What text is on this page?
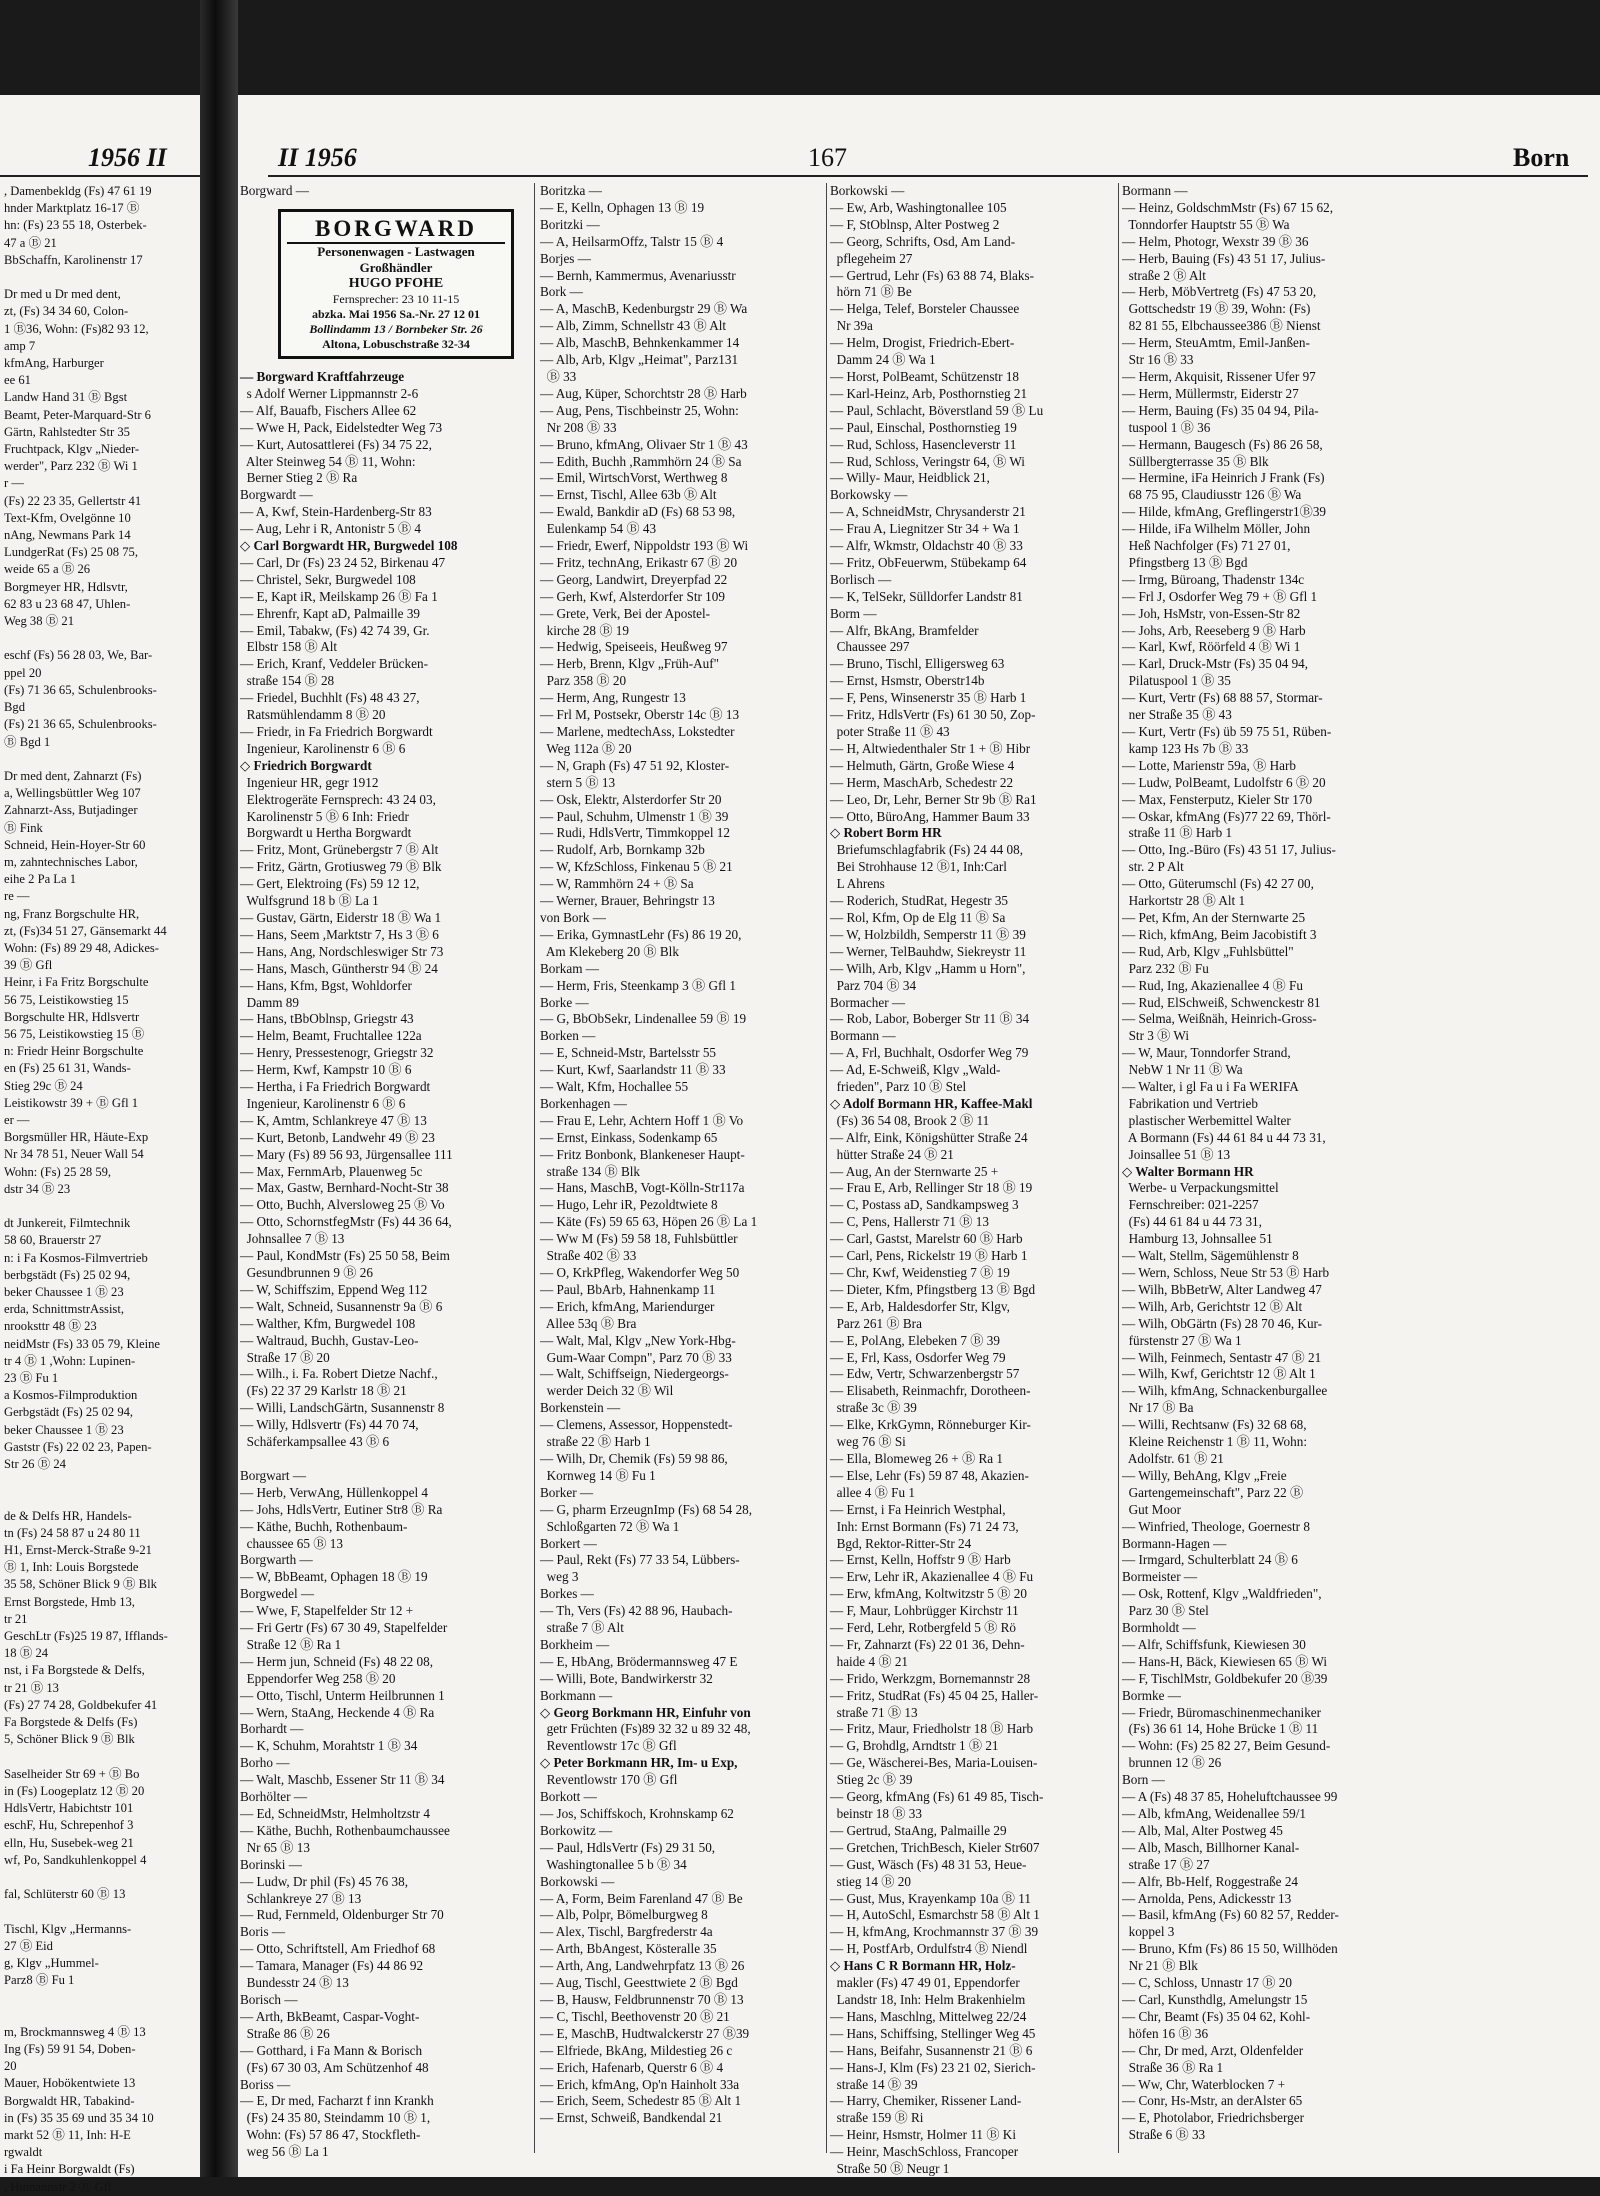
1956 II
, Damenbekldg (Fs) 47 61 19
hnder Marktplatz 16-17 Ⓑ
hn: (Fs) 23 55 18, Osterbek-
47 a Ⓑ 21
BbSchaffn, Karolinenstr 17

Dr med u Dr med dent,
zt, (Fs) 34 34 60, Colon-
1 Ⓑ36, Wohn: (Fs)82 93 12,
amp 7
kfmAng, Harburger
ee 61
Landw Hand 31 Ⓑ Bgst
Beamt, Peter-Marquard-Str 6
Gärtn, Rahlstedter Str 35
Fruchtpack, Klgv „Nieder-
werder", Parz 232 Ⓑ Wi 1
r —
(Fs) 22 23 35, Gellertstr 41
Text-Kfm, Ovelgönne 10
nAng, Newmans Park 14
LundgerRat (Fs) 25 08 75,
weide 65 a Ⓑ 26
Borgmeyer HR, Hdlsvtr,
62 83 u 23 68 47, Uhlen-
Weg 38 Ⓑ 21

eschf (Fs) 56 28 03, We, Bar-
ppel 20
(Fs) 71 36 65, Schulenbrooks-
Bgd
(Fs) 21 36 65, Schulenbrooks-
Ⓑ Bgd 1

Dr med dent, Zahnarzt (Fs)
a, Wellingsbüttler Weg 107
Zahnarzt-Ass, Butjadinger
Ⓑ Fink
Schneid, Hein-Hoyer-Str 60
m, zahntechnisches Labor,
eihe 2 Pa La 1
re —
ng, Franz Borgschulte HR,
zt, (Fs)34 51 27, Gänsemarkt 44
Wohn: (Fs) 89 29 48, Adickes-
39 Ⓑ Gfl
Heinr, i Fa Fritz Borgschulte
56 75, Leistikowstieg 15
Borgschulte HR, Hdlsvertr
56 75, Leistikowstieg 15 Ⓑ
n: Friedr Heinr Borgschulte
en (Fs) 25 61 31, Wands-
Stieg 29c Ⓑ 24
Leistikowstr 39 + Ⓑ Gfl 1
er —
Borgsmüller HR, Häute-Exp
Nr 34 78 51, Neuer Wall 54
Wohn: (Fs) 25 28 59,
dstr 34 Ⓑ 23

dt Junkereit, Filmtechnik
58 60, Brauerstr 27
n: i Fa Kosmos-Filmvertrieb
berbgstädt (Fs) 25 02 94,
beker Chaussee 1 Ⓑ 23
erda, SchnittmstrAssist,
nrooksttr 48 Ⓑ 23
neidMstr (Fs) 33 05 79, Kleine
tr 4 Ⓑ 1 ,Wohn: Lupinen-
23 Ⓑ Fu 1
a Kosmos-Filmproduktion
Gerbgstädt (Fs) 25 02 94,
beker Chaussee 1 Ⓑ 23
Gaststr (Fs) 22 02 23, Papen-
Str 26 Ⓑ 24

de & Delfs HR, Handels-
tn (Fs) 24 58 87 u 24 80 11
H1, Ernst-Merck-Straße 9-21
Ⓑ 1, Inh: Louis Borgstede
35 58, Schöner Blick 9 Ⓑ Blk
Ernst Borgstede, Hmb 13,
tr 21
GeschLtr (Fs)25 19 87, Ifflands-
18 Ⓑ 24
nst, i Fa Borgstede & Delfs,
tr 21 Ⓑ 13
(Fs) 27 74 28, Goldbekufer 41
Fa Borgstede & Delfs (Fs)
5, Schöner Blick 9 Ⓑ Blk

Saselheider Str 69 + Ⓑ Bo
in (Fs) Loogeplatz 12 Ⓑ 20
HdlsVertr, Habichtstr 101
eschF, Hu, Schrepenhof 3
elln, Hu, Susebek-weg 21
wf, Po, Sandkuhlenkoppel 4

fal, Schlüterstr 60 Ⓑ 13

Tischl, Klgv „Hermanns-
27 Ⓑ Eid
g, Klgv „Hummel-
Parz8 Ⓑ Fu 1

m, Brockmannsweg 4 Ⓑ 13
Ing (Fs) 59 91 54, Doben-
20
Mauer, Hobökentwiete 13
Borgwaldt HR, Tabakind-
in (Fs) 35 35 69 und 35 34 10
markt 52 Ⓑ 11, Inh: H-E
rgwaldt
i Fa Heinr Borgwaldt (Fs)
, Humannstr 2 Ⓑ Gfl
II 1956	167	Born
Borgward —

— Borgward Kraftfahrzeuge
s Adolf Werner Lippmannstr 2-6
— Alf, Bauafb, Fischers Allee 62
— Wwe H, Pack, Eidelstedter Weg 73
— Kurt, Autosattlerei (Fs) 34 75 22,
Alter Steinweg 54 Ⓑ 11, Wohn:
Berner Stieg 2 Ⓑ Ra
Borgwardt —
— A, Kwf, Stein-Hardenberg-Str 83
— Aug, Lehr i R, Antonistr 5 Ⓑ 4
◇ Carl Borgwardt HR, Burgwedel 108
— Carl, Dr (Fs) 23 24 52, Birkenau 47
— Christel, Sekr, Burgwedel 108
— E, Kapt iR, Meilskamp 26 Ⓑ Fa 1
— Ehrenfr, Kapt aD, Palmaille 39
— Emil, Tabakw, (Fs) 42 74 39, Gr.
Elbstr 158 Ⓑ Alt
— Erich, Kranf, Veddeler Brücken-
straße 154 Ⓑ 28
— Friedel, Buchhlt (Fs) 48 43 27,
Ratsmühlendamm 8 Ⓑ 20
— Friedr, in Fa Friedrich Borgwardt
Ingenieur, Karolinenstr 6 Ⓑ 6
◇ Friedrich Borgwardt
Ingenieur HR, gegr 1912
Elektrogeräte Fernsprech: 43 24 03,
Karolinenstr 5 Ⓑ 6 Inh: Friedr
Borgwardt u Hertha Borgwardt
— Fritz, Mont, Grünebergstr 7 Ⓑ Alt
— Fritz, Gärtn, Grotiusweg 79 Ⓑ Blk
— Gert, Elektroing (Fs) 59 12 12,
Wulfsgrund 18 b Ⓑ La 1
— Gustav, Gärtn, Eiderstr 18 Ⓑ Wa 1
— Hans, Seem ,Marktstr 7, Hs 3 Ⓑ 6
— Hans, Ang, Nordschleswiger Str 73
— Hans, Masch, Güntherstr 94 Ⓑ 24
— Hans, Kfm, Bgst, Wohldorfer
Damm 89
— Hans, tBbOblnsp, Griegstr 43
— Helm, Beamt, Fruchtallee 122a
— Henry, Pressestenogr, Griegstr 32
— Herm, Kwf, Kampstr 10 Ⓑ 6
— Hertha, i Fa Friedrich Borgwardt
Ingenieur, Karolinenstr 6 Ⓑ 6
— K, Amtm, Schlankreye 47 Ⓑ 13
— Kurt, Betonb, Landwehr 49 Ⓑ 23
— Mary (Fs) 89 56 93, Jürgensallee 111
— Max, FernmArb, Plauenweg 5c
— Max, Gastw, Bernhard-Nocht-Str 38
— Otto, Buchh, Alversloweg 25 Ⓑ Vo
— Otto, SchornstfegMstr (Fs) 44 36 64,
Johnsallee 7 Ⓑ 13
— Paul, KondMstr (Fs) 25 50 58, Beim
Gesundbrunnen 9 Ⓑ 26
— W, Schiffszim, Eppend Weg 112
— Walt, Schneid, Susannenstr 9a Ⓑ 6
— Walther, Kfm, Burgwedel 108
— Waltraud, Buchh, Gustav-Leo-
Straße 17 Ⓑ 20
— Wilh., i. Fa. Robert Dietze Nachf.,
(Fs) 22 37 29 Karlstr 18 Ⓑ 21
— Willi, LandschGärtn, Susannenstr 8
— Willy, Hdlsvertr (Fs) 44 70 74,
Schäferkampsallee 43 Ⓑ 6

Borgwart —
— Herb, VerwAng, Hüllenkoppel 4
— Johs, HdlsVertr, Eutiner Str8 Ⓑ Ra
— Käthe, Buchh, Rothenbaum-
chaussee 65 Ⓑ 13
Borgwarth —
— W, BbBeamt, Ophagen 18 Ⓑ 19
Borgwedel —
— Wwe, F, Stapelfelder Str 12 +
— Fri Gertr (Fs) 67 30 49, Stapelfelder
Straße 12 Ⓑ Ra 1
— Herm jun, Schneid (Fs) 48 22 08,
Eppendorfer Weg 258 Ⓑ 20
— Otto, Tischl, Unterm Heilbrunnen 1
— Wern, StaAng, Heckende 4 Ⓑ Ra
Borhardt —
— K, Schuhm, Morahtstr 1 Ⓑ 34
Borho —
— Walt, Maschb, Essener Str 11 Ⓑ 34
Borhölter —
— Ed, SchneidMstr, Helmholtzstr 4
— Käthe, Buchh, Rothenbaumchaussee
Nr 65 Ⓑ 13
Borinski —
— Ludw, Dr phil (Fs) 45 76 38,
Schlankreye 27 Ⓑ 13
— Rud, Fernmeld, Oldenburger Str 70
Boris —
— Otto, Schriftstell, Am Friedhof 68
— Tamara, Manager (Fs) 44 86 92
Bundesstr 24 Ⓑ 13
Borisch —
— Arth, BkBeamt, Caspar-Voght-
Straße 86 Ⓑ 26
— Gotthard, i Fa Mann & Borisch
(Fs) 67 30 03, Am Schützenhof 48
Boriss —
— E, Dr med, Facharzt f inn Krankh
(Fs) 24 35 80, Steindamm 10 Ⓑ 1,
Wohn: (Fs) 57 86 47, Stockfleth-
weg 56 Ⓑ La 1
Boritzka —
— E, Kelln, Ophagen 13 Ⓑ 19
Boritzki —
— A, HeilsarmOffz, Talstr 15 Ⓑ 4
Borjes —
— Bernh, Kammermus, Avenariusstr
Bork —
— A, MaschB, Kedenburgstr 29 Ⓑ Wa
— Alb, Zimm, Schnellstr 43 Ⓑ Alt
— Alb, MaschB, Behnkenkammer 14
— Alb, Arb, Klgv „Heimat", Parz131
Ⓑ 33
— Aug, Küper, Schorchtstr 28 Ⓑ Harb
— Aug, Pens, Tischbeinstr 25, Wohn:
Nr 208 Ⓑ 33
— Bruno, kfmAng, Olivaer Str 1 Ⓑ 43
— Edith, Buchh ,Rammhörn 24 Ⓑ Sa
— Emil, WirtschVorst, Werthweg 8
— Ernst, Tischl, Allee 63b Ⓑ Alt
— Ewald, Bankdir aD (Fs) 68 53 98,
Eulenkamp 54 Ⓑ 43
— Friedr, Ewerf, Nippoldstr 193 Ⓑ Wi
— Fritz, technAng, Erikastr 67 Ⓑ 20
— Georg, Landwirt, Dreyerpfad 22
— Gerh, Kwf, Alsterdorfer Str 109
— Grete, Verk, Bei der Apostel-
kirche 28 Ⓑ 19
— Hedwig, Speiseeis, Heußweg 97
— Herb, Brenn, Klgv „Früh-Auf"
Parz 358 Ⓑ 20
— Herm, Ang, Rungestr 13
— Frl M, Postsekr, Oberstr 14c Ⓑ 13
— Marlene, medtechAss, Lokstedter
Weg 112a Ⓑ 20
— N, Graph (Fs) 47 51 92, Kloster-
stern 5 Ⓑ 13
— Osk, Elektr, Alsterdorfer Str 20
— Paul, Schuhm, Ulmenstr 1 Ⓑ 39
— Rudi, HdlsVertr, Timmkoppel 12
— Rudolf, Arb, Bornkamp 32b
— W, KfzSchloss, Finkenau 5 Ⓑ 21
— W, Rammhörn 24 + Ⓑ Sa
— Werner, Brauer, Behringstr 13
von Bork —
— Erika, GymnastLehr (Fs) 86 19 20,
Am Klekeberg 20 Ⓑ Blk
Borkam —
— Herm, Fris, Steenkamp 3 Ⓑ Gfl 1
Borke —
— G, BbObSekr, Lindenallee 59 Ⓑ 19
Borken —
— E, Schneid-Mstr, Bartelsstr 55
— Kurt, Kwf, Saarlandstr 11 Ⓑ 33
— Walt, Kfm, Hochallee 55
Borkenhagen —
— Frau E, Lehr, Achtern Hoff 1 Ⓑ Vo
— Ernst, Einkass, Sodenkamp 65
— Fritz Bonbonk, Blankeneser Haupt-
straße 134 Ⓑ Blk
— Hans, MaschB, Vogt-Kölln-Str117a
— Hugo, Lehr iR, Pezoldtwiete 8
— Käte (Fs) 59 65 63, Höpen 26 Ⓑ La 1
— Ww M (Fs) 59 58 18, Fuhlsbüttler
Straße 402 Ⓑ 33
— O, KrkPfleg, Wakendorfer Weg 50
— Paul, BbArb, Hahnenkamp 11
— Erich, kfmAng, Mariendurger
Allee 53q Ⓑ Bra
— Walt, Mal, Klgv „New York-Hbg-
Gum-Waar Compn", Parz 70 Ⓑ 33
— Walt, Schiffseign, Niedergeorgs-
werder Deich 32 Ⓑ Wil
Borkenstein —
— Clemens, Assessor, Hoppenstedt-
straße 22 Ⓑ Harb 1
— Wilh, Dr, Chemik (Fs) 59 98 86,
Kornweg 14 Ⓑ Fu 1
Borker —
— G, pharm ErzeugnImp (Fs) 68 54 28,
Schloßgarten 72 Ⓑ Wa 1
Borkert —
— Paul, Rekt (Fs) 77 33 54, Lübbers-
weg 3
Borkes —
— Th, Vers (Fs) 42 88 96, Haubach-
straße 7 Ⓑ Alt
Borkheim —
— E, HbAng, Brödermannsweg 47 E
— Willi, Bote, Bandwirkerstr 32
Borkmann —
◇ Georg Borkmann HR, Einfuhr von
getr Früchten (Fs)89 32 32 u 89 32 48,
Reventlowstr 17c Ⓑ Gfl
◇ Peter Borkmann HR, Im- u Exp,
Reventlowstr 170 Ⓑ Gfl
Borkott —
— Jos, Schiffskoch, Krohnskamp 62
Borkowitz —
— Paul, HdlsVertr (Fs) 29 31 50,
Washingtonallee 5 b Ⓑ 34
Borkowski —
— A, Form, Beim Farenland 47 Ⓑ Be
— Alb, Polpr, Bömelburgweg 8
— Alex, Tischl, Bargfrederstr 4a
— Arth, BbAngest, Kösteralle 35
— Arth, Ang, Landwehrpfatz 13 Ⓑ 26
— Aug, Tischl, Geesttwiete 2 Ⓑ Bgd
— B, Hausw, Feldbrunnenstr 70 Ⓑ 13
— C, Tischl, Beethovenstr 20 Ⓑ 21
— E, MaschB, Hudtwalckerstr 27 Ⓑ39
— Elfriede, BkAng, Mildestieg 26 c
— Erich, Hafenarb, Querstr 6 Ⓑ 4
— Erich, kfmAng, Op'n Hainholt 33a
— Erich, Seem, Schedestr 85 Ⓑ Alt 1
— Ernst, Schweiß, Bandkendal 21
Borkowski —
— Ew, Arb, Washingtonallee 105
— F, StOblnsp, Alter Postweg 2
— Georg, Schrifts, Osd, Am Land-
pflegeheim 27
— Gertrud, Lehr (Fs) 63 88 74, Blaks-
hörn 71 Ⓑ Be
— Helga, Telef, Borsteler Chaussee
Nr 39a
— Helm, Drogist, Friedrich-Ebert-
Damm 24 Ⓑ Wa 1
— Horst, PolBeamt, Schützenstr 18
— Karl-Heinz, Arb, Posthornstieg 21
— Paul, Schlacht, Böverstland 59 Ⓑ Lu
— Paul, Einschal, Posthornstieg 19
— Rud, Schloss, Hasencleverstr 11
— Rud, Schloss, Veringstr 64, Ⓑ Wi
— Willy- Maur, Heidblick 21,
Borkowsky —
— A, SchneidMstr, Chrysanderstr 21
— Frau A, Liegnitzer Str 34 + Wa 1
— Alfr, Wkmstr, Oldachstr 40 Ⓑ 33
— Fritz, ObFeuerwm, Stübekamp 64
Borlisch —
— K, TelSekr, Sülldorfer Landstr 81
Borm —
— Alfr, BkAng, Bramfelder
Chaussee 297
— Bruno, Tischl, Elligersweg 63
— Ernst, Hsmstr, Oberstr14b
— F, Pens, Winsenerstr 35 Ⓑ Harb 1
— Fritz, HdlsVertr (Fs) 61 30 50, Zop-
poter Straße 11 Ⓑ 43
— H, Altwiedenthaler Str 1 + Ⓑ Hibr
— Helmuth, Gärtn, Große Wiese 4
— Herm, MaschArb, Schedestr 22
— Leo, Dr, Lehr, Berner Str 9b Ⓑ Ra1
— Otto, BüroAng, Hammer Baum 33
◇ Robert Borm HR
Briefumschlagfabrik (Fs) 24 44 08,
Bei Strohhause 12 Ⓑ1, Inh:Carl
L Ahrens
— Roderich, StudRat, Hegestr 35
— Rol, Kfm, Op de Elg 11 Ⓑ Sa
— W, Holzbildh, Semperstr 11 Ⓑ 39
— Werner, TelBauhdw, Siekreystr 11
— Wilh, Arb, Klgv „Hamm u Horn",
Parz 704 Ⓑ 34
Bormacher —
— Rob, Labor, Boberger Str 11 Ⓑ 34
Bormann —
— A, Frl, Buchhalt, Osdorfer Weg 79
— Ad, E-Schweiß, Klgv „Wald-
frieden", Parz 10 Ⓑ Stel
◇ Adolf Bormann HR, Kaffee-Makl
(Fs) 36 54 08, Brook 2 Ⓑ 11
— Alfr, Eink, Königshütter Straße 24
hütter Straße 24 Ⓑ 21
— Aug, An der Sternwarte 25 +
— Frau E, Arb, Rellinger Str 18 Ⓑ 19
— C, Postass aD, Sandkampsweg 3
— C, Pens, Hallerstr 71 Ⓑ 13
— Carl, Gastst, Marelstr 60 Ⓑ Harb
— Carl, Pens, Rickelstr 19 Ⓑ Harb 1
— Chr, Kwf, Weidenstieg 7 Ⓑ 19
— Dieter, Kfm, Pfingstberg 13 Ⓑ Bgd
— E, Arb, Haldesdorfer Str, Klgv,
Parz 261 Ⓑ Bra
— E, PolAng, Elebeken 7 Ⓑ 39
— E, Frl, Kass, Osdorfer Weg 79
— Edw, Vertr, Schwarzenbergstr 57
— Elisabeth, Reinmachfr, Dorotheen-
straße 3c Ⓑ 39
— Elke, KrkGymn, Rönneburger Kir-
weg 76 Ⓑ Si
— Ella, Blomeweg 26 + Ⓑ Ra 1
— Else, Lehr (Fs) 59 87 48, Akazien-
allee 4 Ⓑ Fu 1
— Ernst, i Fa Heinrich Westphal,
Inh: Ernst Bormann (Fs) 71 24 73,
Bgd, Rektor-Ritter-Str 24
— Ernst, Kelln, Hoffstr 9 Ⓑ Harb
— Erw, Lehr iR, Akazienallee 4 Ⓑ Fu
— Erw, kfmAng, Koltwitzstr 5 Ⓑ 20
— F, Maur, Lohbrügger Kirchstr 11
— Ferd, Lehr, Rotbergfeld 5 Ⓑ Rö
— Fr, Zahnarzt (Fs) 22 01 36, Dehn-
haide 4 Ⓑ 21
— Frido, Werkzgm, Bornemannstr 28
— Fritz, StudRat (Fs) 45 04 25, Haller-
straße 71 Ⓑ 13
— Fritz, Maur, Friedholstr 18 Ⓑ Harb
— G, Brohdlg, Arndtstr 1 Ⓑ 21
— Ge, Wäscherei-Bes, Maria-Louisen-
Stieg 2c Ⓑ 39
— Georg, kfmAng (Fs) 61 49 85, Tisch-
beinstr 18 Ⓑ 33
— Gertrud, StaAng, Palmaille 29
— Gretchen, TrichBesch, Kieler Str607
— Gust, Wäsch (Fs) 48 31 53, Heue-
stieg 14 Ⓑ 20
— Gust, Mus, Krayenkamp 10a Ⓑ 11
— H, AutoSchl, Esmarchstr 58 Ⓑ Alt 1
— H, kfmAng, Krochmannstr 37 Ⓑ 39
— H, PostfArb, Ordulfstr4 Ⓑ Niendl
◇ Hans C R Bormann HR, Holz-
makler (Fs) 47 49 01, Eppendorfer
Landstr 18, Inh: Helm Brakenhielm
— Hans, Maschlng, Mittelweg 22/24
— Hans, Schiffsing, Stellinger Weg 45
— Hans, Beifahr, Susannenstr 21 Ⓑ 6
— Hans-J, Klm (Fs) 23 21 02, Sierich-
straße 14 Ⓑ 39
— Harry, Chemiker, Rissener Land-
straße 159 Ⓑ Ri
— Heinr, Hsmstr, Holmer 11 Ⓑ Ki
— Heinr, MaschSchloss, Francoper
Straße 50 Ⓑ Neugr 1
Bormann —
— Heinz, GoldschmMstr (Fs) 67 15 62,
Tonndorfer Hauptstr 55 Ⓑ Wa
— Helm, Photogr, Wexstr 39 Ⓑ 36
— Herb, Bauing (Fs) 43 51 17, Julius-
straße 2 Ⓑ Alt
— Herb, MöbVertretg (Fs) 47 53 20,
Gottschedstr 19 Ⓑ 39, Wohn: (Fs)
82 81 55, Elbchaussee386 Ⓑ Nienst
— Herm, SteuAmtm, Emil-Janßen-
Str 16 Ⓑ 33
— Herm, Akquisit, Rissener Ufer 97
— Herm, Müllermstr, Eiderstr 27
— Herm, Bauing (Fs) 35 04 94, Pila-
tuspool 1 Ⓑ 36
— Hermann, Baugesch (Fs) 86 26 58,
Süllbergterrasse 35 Ⓑ Blk
— Hermine, iFa Heinrich J Frank (Fs)
68 75 95, Claudiusstr 126 Ⓑ Wa
— Hilde, kfmAng, Greflingerstr1Ⓑ39
— Hilde, iFa Wilhelm Möller, John
Heß Nachfolger (Fs) 71 27 01,
Pfingstberg 13 Ⓑ Bgd
— Irmg, Büroang, Thadenstr 134c
— Frl J, Osdorfer Weg 79 + Ⓑ Gfl 1
— Joh, HsMstr, von-Essen-Str 82
— Johs, Arb, Reeseberg 9 Ⓑ Harb
— Karl, Kwf, Röörfeld 4 Ⓑ Wi 1
— Karl, Druck-Mstr (Fs) 35 04 94,
Pilatuspool 1 Ⓑ 35
— Kurt, Vertr (Fs) 68 88 57, Stormar-
ner Straße 35 Ⓑ 43
— Kurt, Vertr (Fs) üb 59 75 51, Rüben-
kamp 123 Hs 7b Ⓑ 33
— Lotte, Marienstr 59a, Ⓑ Harb
— Ludw, PolBeamt, Ludolfstr 6 Ⓑ 20
— Max, Fensterputz, Kieler Str 170
— Oskar, kfmAng (Fs)77 22 69, Thörl-
straße 11 Ⓑ Harb 1
— Otto, Ing.-Büro (Fs) 43 51 17, Julius-
str. 2 P Alt
— Otto, Güterumschl (Fs) 42 27 00,
Harkortstr 28 Ⓑ Alt 1
— Pet, Kfm, An der Sternwarte 25
— Rich, kfmAng, Beim Jacobistift 3
— Rud, Arb, Klgv „Fuhlsbüttel"
Parz 232 Ⓑ Fu
— Rud, Ing, Akazienallee 4 Ⓑ Fu
— Rud, ElSchweiß, Schwenckestr 81
— Selma, Weißnäh, Heinrich-Gross-
Str 3 Ⓑ Wi
— W, Maur, Tonndorfer Strand,
NebW 1 Nr 11 Ⓑ Wa
— Walter, i gl Fa u i Fa WERIFA
Fabrikation und Vertrieb
plastischer Werbemittel Walter
A Bormann (Fs) 44 61 84 u 44 73 31,
Joinsallee 51 Ⓑ 13
◇ Walter Bormann HR
Werbe- u Verpackungsmittel
Fernschreiber: 021-2257
(Fs) 44 61 84 u 44 73 31,
Hamburg 13, Johnsallee 51
— Walt, Stellm, Sägemühlenstr 8
— Wern, Schloss, Neue Str 53 Ⓑ Harb
— Wilh, BbBetrW, Alter Landweg 47
— Wilh, Arb, Gerichtstr 12 Ⓑ Alt
— Wilh, ObGärtn (Fs) 28 70 46, Kur-
fürstenstr 27 Ⓑ Wa 1
— Wilh, Feinmech, Sentastr 47 Ⓑ 21
— Wilh, Kwf, Gerichtstr 12 Ⓑ Alt 1
— Wilh, kfmAng, Schnackenburgallee
Nr 17 Ⓑ Ba
— Willi, Rechtsanw (Fs) 32 68 68,
Kleine Reichenstr 1 Ⓑ 11, Wohn:
Adolfstr. 61 Ⓑ 21
— Willy, BehAng, Klgv „Freie
Gartengemeinschaft", Parz 22 Ⓑ
Gut Moor
— Winfried, Theologe, Goernestr 8
Bormann-Hagen —
— Irmgard, Schulterblatt 24 Ⓑ 6
Bormeister —
— Osk, Rottenf, Klgv „Waldfrieden",
Parz 30 Ⓑ Stel
Bormholdt —
— Alfr, Schiffsfunk, Kiewiesen 30
— Hans-H, Bäck, Kiewiesen 65 Ⓑ Wi
— F, TischlMstr, Goldbekufer 20 Ⓑ39
Bormke —
— Friedr, Büromaschinenmechaniker
(Fs) 36 61 14, Hohe Brücke 1 Ⓑ 11
— Wohn: (Fs) 25 82 27, Beim Gesund-
brunnen 12 Ⓑ 26
Born —
— A (Fs) 48 37 85, Hoheluftchaussee 99
— Alb, kfmAng, Weidenallee 59/1
— Alb, Mal, Alter Postweg 45
— Alb, Masch, Billhorner Kanal-
straße 17 Ⓑ 27
— Alfr, Bb-Helf, Roggestraße 24
— Arnolda, Pens, Adickesstr 13
— Basil, kfmAng (Fs) 60 82 57, Redder-
koppel 3
— Bruno, Kfm (Fs) 86 15 50, Willhöden
Nr 21 Ⓑ Blk
— C, Schloss, Unnastr 17 Ⓑ 20
— Carl, Kunsthdlg, Amelungstr 15
— Chr, Beamt (Fs) 35 04 62, Kohl-
höfen 16 Ⓑ 36
— Chr, Dr med, Arzt, Oldenfelder
Straße 36 Ⓑ Ra 1
— Ww, Chr, Waterblocken 7 +
— Conr, Hs-Mstr, an derAlster 65
— E, Photolabor, Friedrichsberger
Straße 6 Ⓑ 33
BORGWARD
Personenwagen - Lastwagen
Großhändler
HUGO PFOHE
Fernsprecher: 23 10 11-15
abzka. Mai 1956 Sa.-Nr. 27 12 01
Bollindamm 13 / Bornbeker Str. 26
Altona, Lobuschstraße 32-34
